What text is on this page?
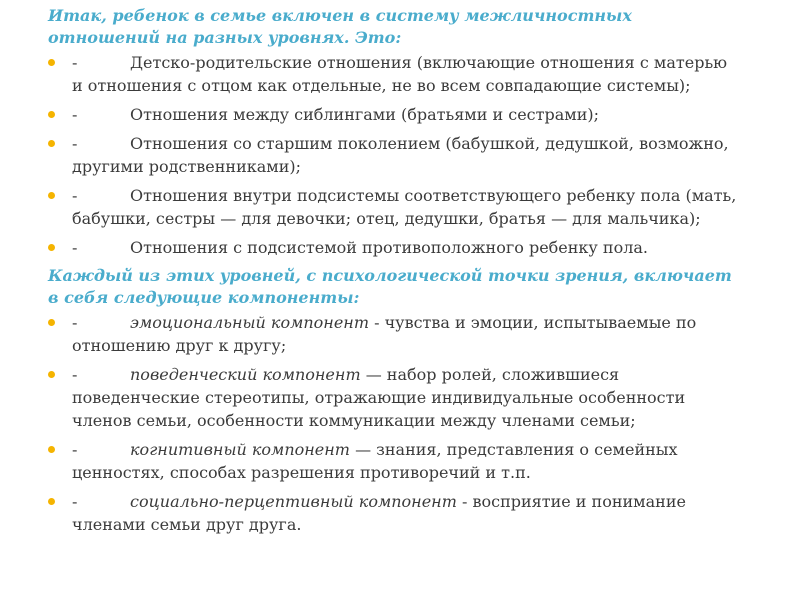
Итак, ребенок в семье включен в систему межличностных отношений на разных уровнях. Это:

-	Детско-родительские отношения (включающие отношения с матерью и отношения с отцом как отдельные, не во всем совпадающие системы);
-	Отношения между сиблингами (братьями и сестрами);
-	Отношения со старшим поколением (бабушкой, дедушкой, возможно, другими родственниками);
-	Отношения внутри подсистемы соответствующего ребенку пола (мать, бабушки, сестры — для девочки; отец, дедушки, братья — для мальчика);
-	Отношения с подсистемой противоположного ребенку пола.

Каждый из этих уровней, с психологической точки зрения, включает в себя следующие компоненты:

-	эмоциональный компонент - чувства и эмоции, испытываемые по отношению друг к другу;
-	поведенческий компонент — набор ролей, сложившиеся поведенческие стереотипы, отражающие индивидуальные особенности членов семьи, особенности коммуникации между членами семьи;
-	когнитивный компонент — знания, представления о семейных ценностях, способах разрешения противоречий и т.п.
-	социально-перцептивный компонент - восприятие и понимание членами семьи друг друга.
